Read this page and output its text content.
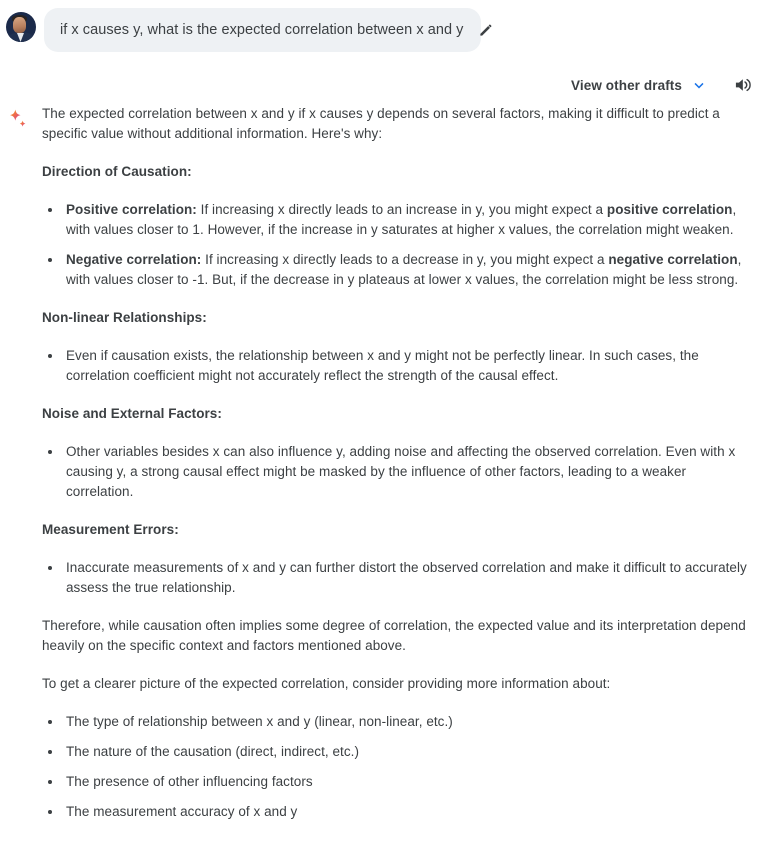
if x causes y, what is the expected correlation between x and y
View other drafts

The expected correlation between x and y if x causes y depends on several factors, making it difficult to predict a specific value without additional information. Here's why:

Direction of Causation:
Positive correlation: If increasing x directly leads to an increase in y, you might expect a positive correlation, with values closer to 1. However, if the increase in y saturates at higher x values, the correlation might weaken.
Negative correlation: If increasing x directly leads to a decrease in y, you might expect a negative correlation, with values closer to -1. But, if the decrease in y plateaus at lower x values, the correlation might be less strong.
Non-linear Relationships:
Even if causation exists, the relationship between x and y might not be perfectly linear. In such cases, the correlation coefficient might not accurately reflect the strength of the causal effect.
Noise and External Factors:
Other variables besides x can also influence y, adding noise and affecting the observed correlation. Even with x causing y, a strong causal effect might be masked by the influence of other factors, leading to a weaker correlation.
Measurement Errors:
Inaccurate measurements of x and y can further distort the observed correlation and make it difficult to accurately assess the true relationship.

Therefore, while causation often implies some degree of correlation, the expected value and its interpretation depend heavily on the specific context and factors mentioned above.

To get a clearer picture of the expected correlation, consider providing more information about:

The type of relationship between x and y (linear, non-linear, etc.)
The nature of the causation (direct, indirect, etc.)
The presence of other influencing factors
The measurement accuracy of x and y
